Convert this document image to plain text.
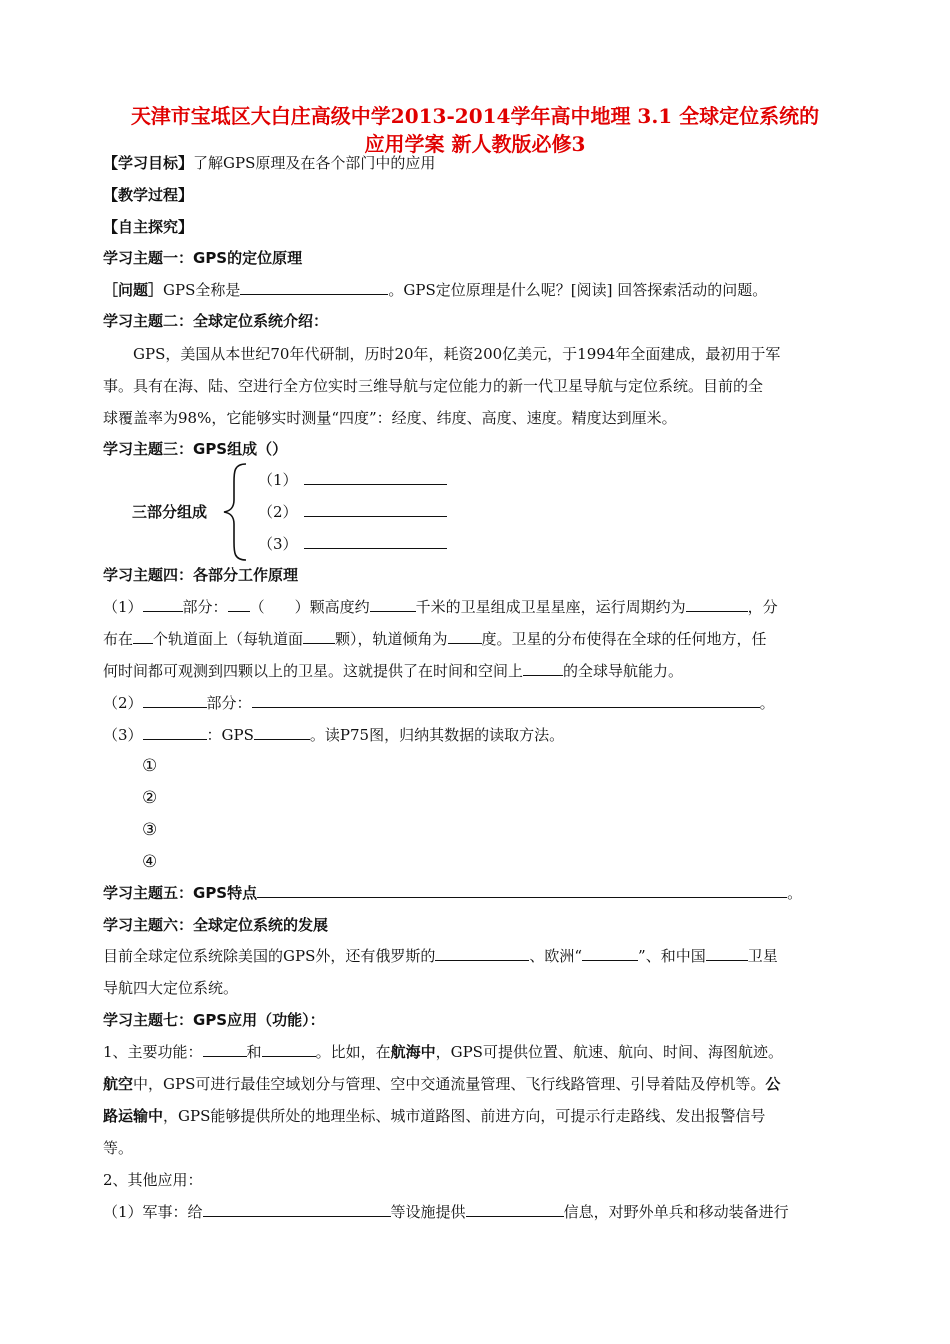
天津市宝坻区大白庄高级中学2013-2014学年高中地理 3.1 全球定位系统的
应用学案 新人教版必修3
【学习目标】了解GPS原理及在各个部门中的应用
【教学过程】
【自主探究】
学习主题一：GPS的定位原理
［问题］GPS全称是	。GPS定位原理是什么呢？[阅读] 回答探索活动的问题。
学习主题二：全球定位系统介绍：
GPS，美国从本世纪70年代研制，历时20年，耗资200亿美元，于1994年全面建成，最初用于军
事。具有在海、陆、空进行全方位实时三维导航与定位能力的新一代卫星导航与定位系统。目前的全
球覆盖率为98%，它能够实时测量“四度”：经度、纬度、高度、速度。精度达到厘米。
学习主题三：GPS组成（）
三部分组成
（1）
（2）
（3）
学习主题四：各部分工作原理
（1）	部分： （ ）颗高度约	千米的卫星组成卫星星座，运行周期约为	，分
布在 个轨道面上（每轨道面 颗），轨道倾角为 度。卫星的分布使得在全球的任何地方，任
何时间都可观测到四颗以上的卫星。这就提供了在时间和空间上	的全球导航能力。
（2）	部分：	。
（3）	：GPS	。读P75图，归纳其数据的读取方法。
①
②
③
④
学习主题五：GPS特点	。
学习主题六：全球定位系统的发展
目前全球定位系统除美国的GPS外，还有俄罗斯的	、欧洲“	”、和中国	卫星
导航四大定位系统。
学习主题七：GPS应用（功能）：
1、主要功能：	和	。比如，在航海中，GPS可提供位置、航速、航向、时间、海图航迹。
航空中，GPS可进行最佳空域划分与管理、空中交通流量管理、飞行线路管理、引导着陆及停机等。公
路运输中，GPS能够提供所处的地理坐标、城市道路图、前进方向，可提示行走路线、发出报警信号
等。
2、其他应用：
（1）军事：给	等设施提供	信息，对野外单兵和移动装备进行
